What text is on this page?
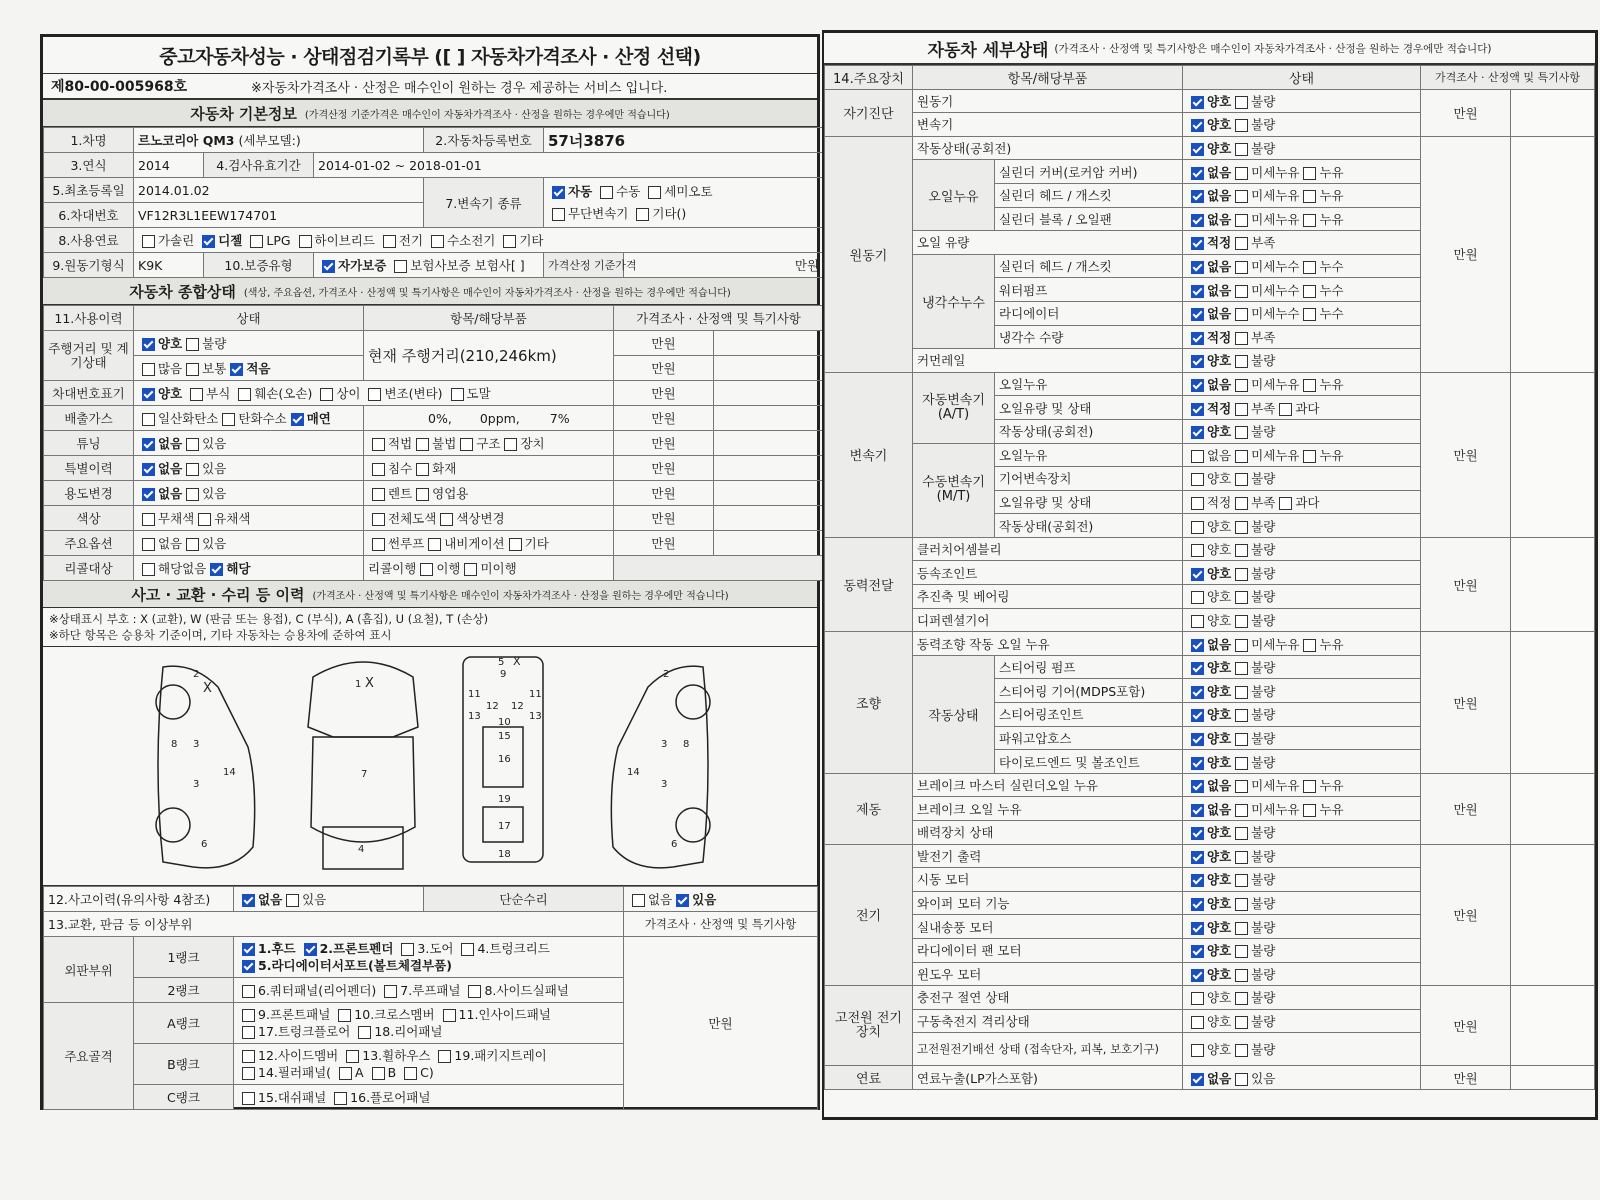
중고자동차성능 · 상태점검기록부 ([ ] 자동차가격조사 · 산정 선택)
제80-00-005968호	※자동차가격조사 · 산정은 매수인이 원하는 경우 제공하는 서비스 입니다.
자동차 기본정보 (가격산정 기준가격은 매수인이 자동차가격조사 · 산정을 원하는 경우에만 적습니다)
1.차명	르노코리아 QM3 (세부모델:)			2.자동차등록번호	57너3876	
3.연식	2014	4.검사유효기간	2014-01-02 ~ 2018-01-01			
5.최초등록일	2014.01.02			7.변속기 종류	자동 수동 세미오토
무단변속기 기타()	
6.차대번호	VF12R3L1EEW174701					
8.사용연료	가솔린 디젤 LPG 하이브리드 전기 수소전기 기타					
9.원동기형식	K9K	10.보증유형	자가보증 보험사보증 보험사[ ]		가격산정 기준가격	만원
자동차 종합상태 (색상, 주요옵션, 가격조사 · 산정액 및 특기사항은 매수인이 자동차가격조사 · 산정을 원하는 경우에만 적습니다)
11.사용이력	상태	항목/해당부품	가격조사 · 산정액 및 특기사항	
주행거리 및 계기상태	양호 불량	현재 주행거리(210,246km)	만원	
	많음 보통 적음		만원	
차대번호표기	양호 부식 훼손(오손) 상이 변조(변타) 도말		만원	
배출가스	일산화탄소 탄화수소 매연	0%, 0ppm, 7%	만원	
튜닝	없음 있음	적법 불법 구조 장치	만원	
특별이력	없음 있음	침수 화재	만원	
용도변경	없음 있음	렌트 영업용	만원	
색상	무채색 유채색	전체도색 색상변경	만원	
주요옵션	없음 있음	썬루프 내비게이션 기타	만원	
리콜대상	해당없음 해당	리콜이행 이행 미이행		
사고 · 교환 · 수리 등 이력 (가격조사 · 산정액 및 특기사항은 매수인이 자동차가격조사 · 산정을 원하는 경우에만 적습니다)
※상태표시 부호 : X (교환), W (판금 또는 용접), C (부식), A (흠집), U (요철), T (손상)
※하단 항목은 승용차 기준이며, 기타 자동차는 승용차에 준하여 표시
2
X
8 3
3
14
6
1 X
7
4
5 X
9
11	11
12 12
13	13
10
15
16
19
17
18
2
8
3
3
14
6
12.사고이력(유의사항 4참조)		없음 있음	단순수리	없음 있음
13.교환, 판금 등 이상부위				가격조사 · 산정액 및 특기사항
외판부위	1랭크	1.후드 2.프론트펜더 3.도어 4.트렁크리드
5.라디에이터서포트(볼트체결부품)		만원
	2랭크	6.쿼터패널(리어펜더) 7.루프패널 8.사이드실패널		
주요골격	A랭크	9.프론트패널 10.크로스멤버 11.인사이드패널
17.트렁크플로어 18.리어패널		
	B랭크	12.사이드멤버 13.휠하우스 19.패키지트레이
14.필러패널( A B C)		
	C랭크	15.대쉬패널 16.플로어패널		
자동차 세부상태 (가격조사 · 산정액 및 특기사항은 매수인이 자동차가격조사 · 산정을 원하는 경우에만 적습니다)
14.주요장치	항목/해당부품		상태	가격조사 · 산정액 및 특기사항	
자기진단	원동기		양호 불량	만원	
	변속기		양호 불량		
원동기	작동상태(공회전)		양호 불량	만원	
	오일누유	실린더 커버(로커암 커버)	없음 미세누유 누유		
		실린더 헤드 / 개스킷	없음 미세누유 누유		
		실린더 블록 / 오일팬	없음 미세누유 누유		
	오일 유량		적정 부족		
	냉각수누수	실린더 헤드 / 개스킷	없음 미세누수 누수		
		워터펌프	없음 미세누수 누수		
		라디에이터	없음 미세누수 누수		
		냉각수 수량	적정 부족		
	커먼레일		양호 불량		
변속기	자동변속기 (A/T)	오일누유	없음 미세누유 누유	만원	
		오일유량 및 상태	적정 부족 과다		
		작동상태(공회전)	양호 불량		
	수동변속기 (M/T)	오일누유	없음 미세누유 누유		
		기어변속장치	양호 불량		
		오일유량 및 상태	적정 부족 과다		
		작동상태(공회전)	양호 불량		
동력전달	클러치어셈블리		양호 불량	만원	
	등속조인트		양호 불량		
	추진축 및 베어링		양호 불량		
	디퍼렌셜기어		양호 불량		
조향	동력조향 작동 오일 누유		없음 미세누유 누유	만원	
	작동상태	스티어링 펌프	양호 불량		
		스티어링 기어(MDPS포함)	양호 불량		
		스티어링조인트	양호 불량		
		파워고압호스	양호 불량		
		타이로드엔드 및 볼조인트	양호 불량		
제동	브레이크 마스터 실린더오일 누유		없음 미세누유 누유	만원	
	브레이크 오일 누유		없음 미세누유 누유		
	배력장치 상태		양호 불량		
전기	발전기 출력		양호 불량	만원	
	시동 모터		양호 불량		
	와이퍼 모터 기능		양호 불량		
	실내송풍 모터		양호 불량		
	라디에이터 팬 모터		양호 불량		
	윈도우 모터		양호 불량		
고전원 전기장치	충전구 절연 상태		양호 불량	만원	
	구동축전지 격리상태		양호 불량		
	고전원전기배선 상태 (접속단자, 피복, 보호기구)		양호 불량		
연료	연료누출(LP가스포함)		없음 있음	만원	
